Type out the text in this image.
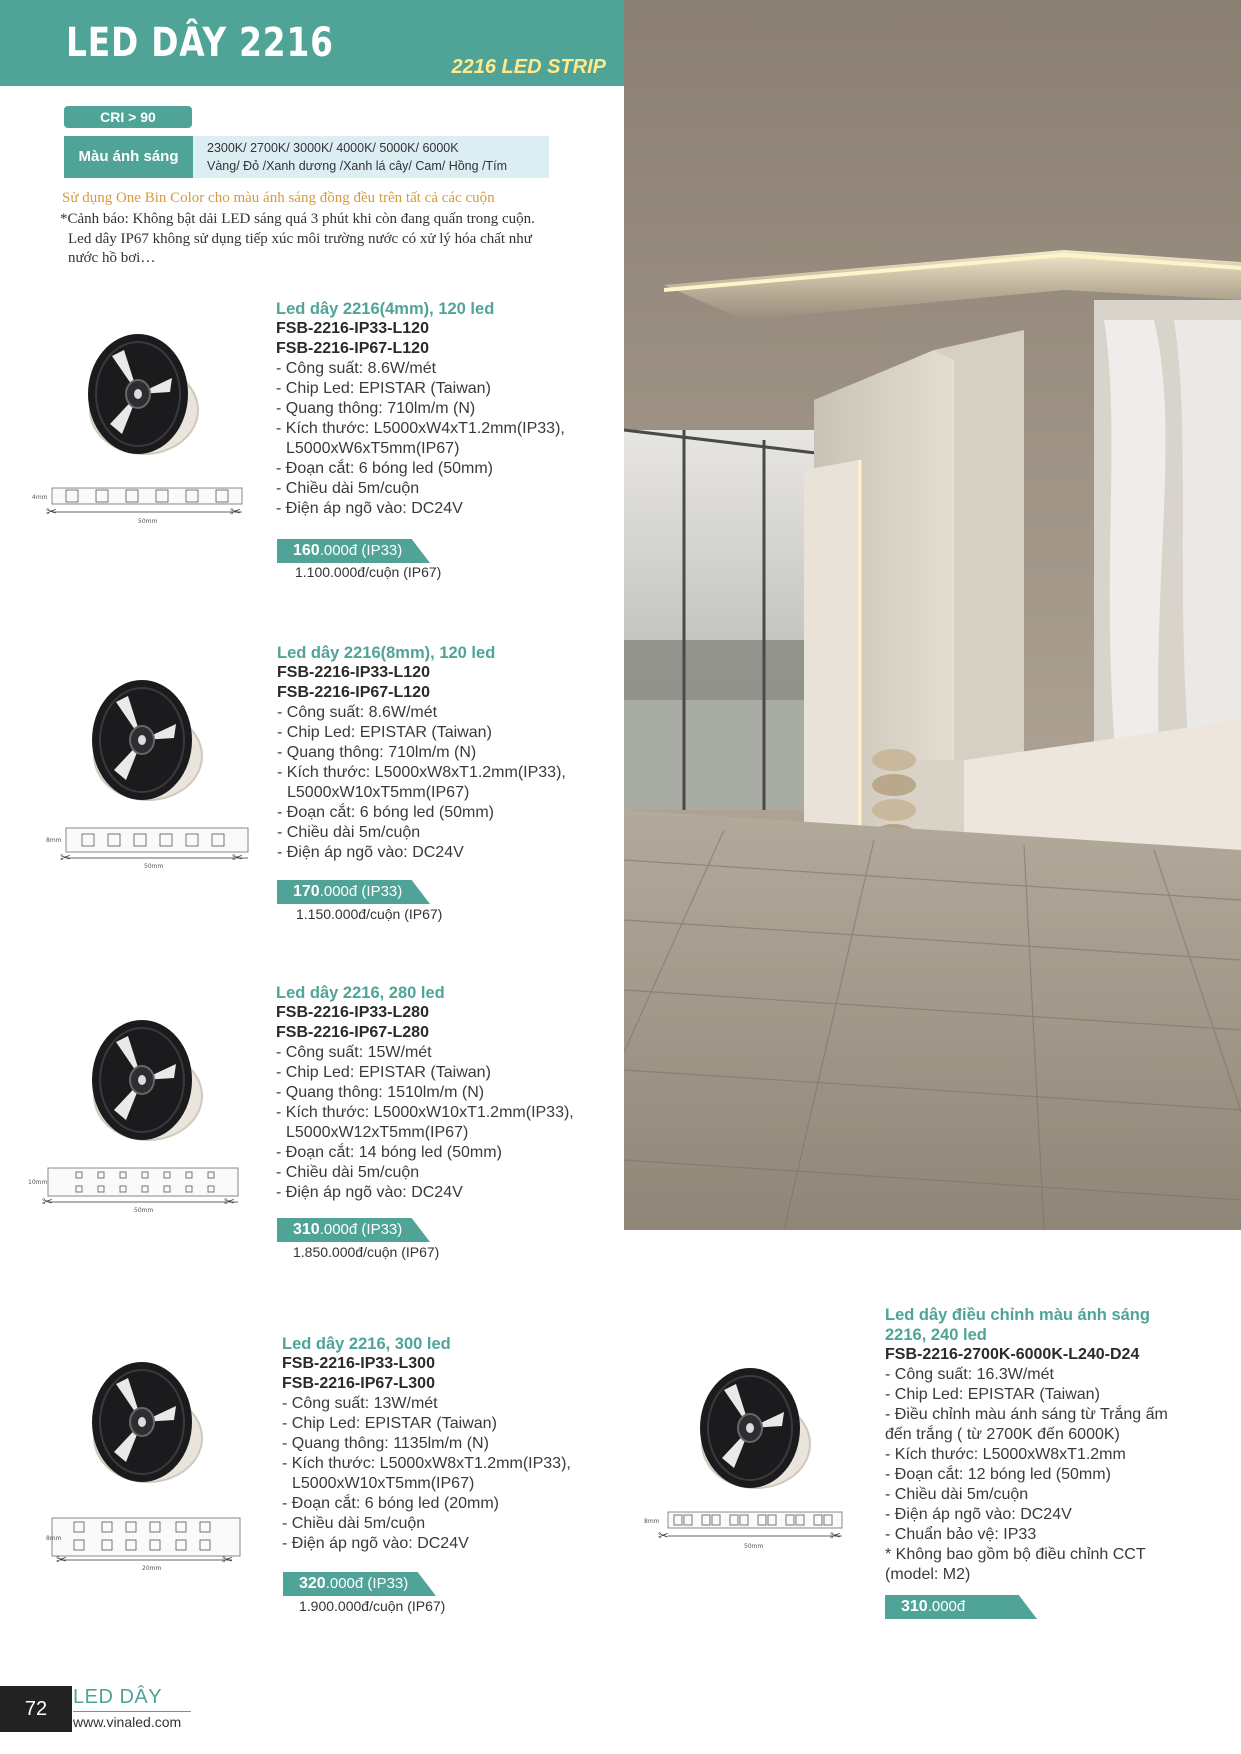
LED DÂY 2216
2216 LED STRIP
CRI > 90
Màu ánh sáng	2300K/ 2700K/ 3000K/ 4000K/ 5000K/ 6000K
Vàng/ Đỏ /Xanh dương /Xanh lá cây/ Cam/ Hồng /Tím
Sử dụng One Bin Color cho màu ánh sáng đồng đều trên tất cả các cuộn
*Cảnh báo: Không bật dải LED sáng quá 3 phút khi còn đang quấn trong cuộn.
Led dây IP67 không sử dụng tiếp xúc môi trường nước có xử lý hóa chất như
nước hồ bơi…
Led dây 2216(4mm), 120 led
FSB-2216-IP33-L120
FSB-2216-IP67-L120
- Công suất: 8.6W/mét
- Chip Led: EPISTAR (Taiwan)
- Quang thông: 710lm/m (N)
- Kích thước: L5000xW4xT1.2mm(IP33),
L5000xW6xT5mm(IP67)
- Đoạn cắt: 6 bóng led (50mm)
- Chiều dài 5m/cuộn
- Điện áp ngõ vào: DC24V
160.000đ (IP33)
1.100.000đ/cuộn (IP67)
Led dây 2216(8mm), 120 led
FSB-2216-IP33-L120
FSB-2216-IP67-L120
- Công suất: 8.6W/mét
- Chip Led: EPISTAR (Taiwan)
- Quang thông: 710lm/m (N)
- Kích thước: L5000xW8xT1.2mm(IP33),
L5000xW10xT5mm(IP67)
- Đoạn cắt: 6 bóng led (50mm)
- Chiều dài 5m/cuộn
- Điện áp ngõ vào: DC24V
170.000đ (IP33)
1.150.000đ/cuộn (IP67)
Led dây 2216, 280 led
FSB-2216-IP33-L280
FSB-2216-IP67-L280
- Công suất: 15W/mét
- Chip Led: EPISTAR (Taiwan)
- Quang thông: 1510lm/m (N)
- Kích thước: L5000xW10xT1.2mm(IP33),
L5000xW12xT5mm(IP67)
- Đoạn cắt: 14 bóng led (50mm)
- Chiều dài 5m/cuộn
- Điện áp ngõ vào: DC24V
310.000đ (IP33)
1.850.000đ/cuộn (IP67)
Led dây 2216, 300 led
FSB-2216-IP33-L300
FSB-2216-IP67-L300
- Công suất: 13W/mét
- Chip Led: EPISTAR (Taiwan)
- Quang thông: 1135lm/m (N)
- Kích thước: L5000xW8xT1.2mm(IP33),
L5000xW10xT5mm(IP67)
- Đoạn cắt: 6 bóng led (20mm)
- Chiều dài 5m/cuộn
- Điện áp ngõ vào: DC24V
320.000đ (IP33)
1.900.000đ/cuộn (IP67)
Led dây điều chỉnh màu ánh sáng
2216, 240 led
FSB-2216-2700K-6000K-L240-D24
- Công suất: 16.3W/mét
- Chip Led: EPISTAR (Taiwan)
- Điều chỉnh màu ánh sáng từ Trắng ấm
đến trắng ( từ 2700K đến 6000K)
- Kích thước: L5000xW8xT1.2mm
- Đoạn cắt: 12 bóng led (50mm)
- Chiều dài 5m/cuộn
- Điện áp ngõ vào: DC24V
- Chuẩn bảo vệ: IP33
* Không bao gồm bộ điều chỉnh CCT
(model: M2)
310.000đ
4mm
50mm
✂	✂
8mm
50mm
✂	✂
10mm
50mm
✂	✂
8mm
20mm
✂	✂
8mm
50mm
✂	✂
72
LED DÂY
www.vinaled.com
